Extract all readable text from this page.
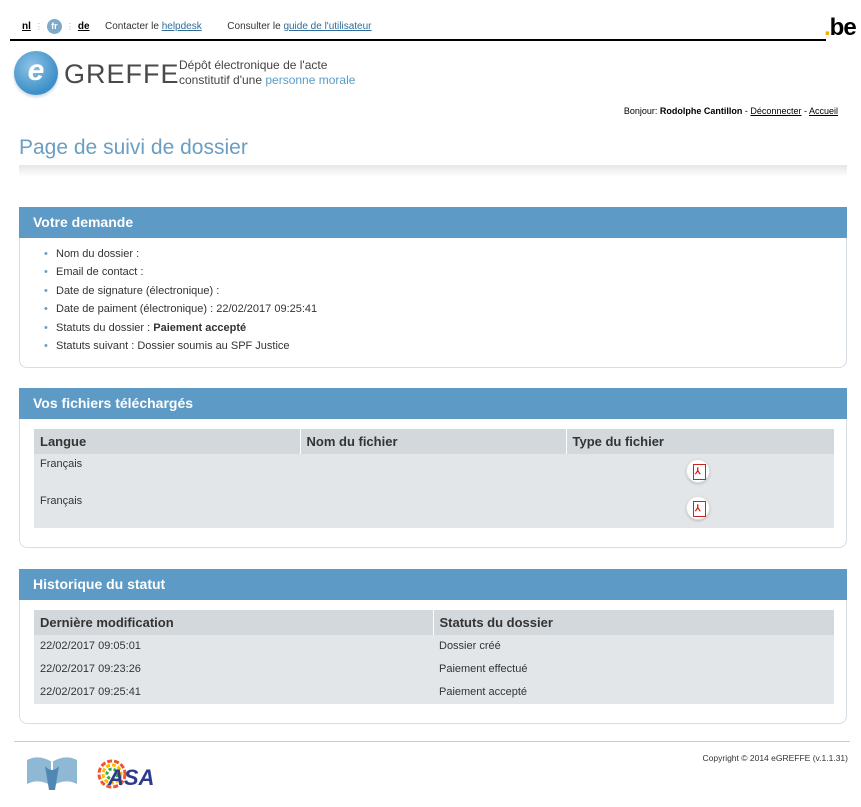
nl ⋮ fr	⋮ de Contacter le helpdesk	Consulter le guide de l'utilisateur	.be
e GREFFE Dépôt électronique de l'acte
constitutif d'une personne morale
Bonjour: Rodolphe Cantillon - Déconnecter - Accueil
Page de suivi de dossier
Votre demande
• Nom du dossier :
• Email de contact :
• Date de signature (électronique) :
• Date de paiment (électronique) : 22/02/2017 09:25:41
• Statuts du dossier : Paiement accepté
• Statuts suivant : Dossier soumis au SPF Justice
Vos fichiers téléchargés
Langue	Nom du fichier	Type du fichier
Français		⅄
Français		⅄
Historique du statut
Dernière modification	Statuts du dossier
22/02/2017 09:05:01	Dossier créé
22/02/2017 09:23:26	Paiement effectué
22/02/2017 09:25:41	Paiement accepté
ASA
Copyright © 2014 eGREFFE (v.1.1.31)
